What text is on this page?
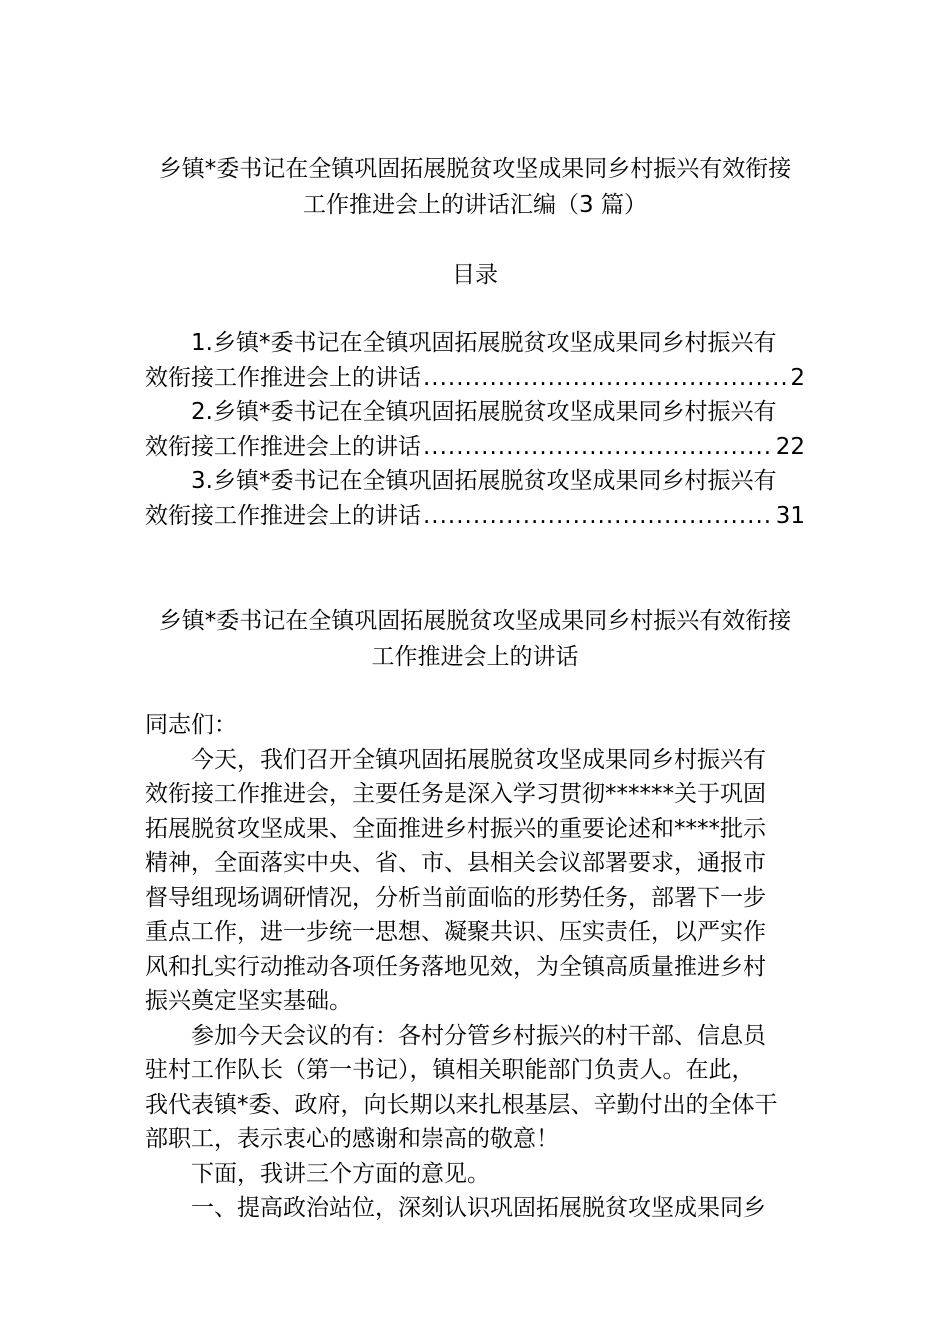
乡镇*委书记在全镇巩固拓展脱贫攻坚成果同乡村振兴有效衔接
工作推进会上的讲话汇编（3 篇）
目录
1.乡镇*委书记在全镇巩固拓展脱贫攻坚成果同乡村振兴有
效衔接工作推进会上的讲话 .....	2
2.乡镇*委书记在全镇巩固拓展脱贫攻坚成果同乡村振兴有
效衔接工作推进会上的讲话 .....	22
3.乡镇*委书记在全镇巩固拓展脱贫攻坚成果同乡村振兴有
效衔接工作推进会上的讲话 .....	31
乡镇*委书记在全镇巩固拓展脱贫攻坚成果同乡村振兴有效衔接
工作推进会上的讲话
同志们：
今天，我们召开全镇巩固拓展脱贫攻坚成果同乡村振兴有
效衔接工作推进会，主要任务是深入学习贯彻******关于巩固
拓展脱贫攻坚成果、全面推进乡村振兴的重要论述和****批示
精神，全面落实中央、省、市、县相关会议部署要求，通报市
督导组现场调研情况，分析当前面临的形势任务，部署下一步
重点工作，进一步统一思想、凝聚共识、压实责任，以严实作
风和扎实行动推动各项任务落地见效，为全镇高质量推进乡村
振兴奠定坚实基础。
参加今天会议的有：各村分管乡村振兴的村干部、信息员
驻村工作队长（第一书记），镇相关职能部门负责人。在此，
我代表镇*委、政府，向长期以来扎根基层、辛勤付出的全体干
部职工，表示衷心的感谢和崇高的敬意！
下面，我讲三个方面的意见。
一、提高政治站位，深刻认识巩固拓展脱贫攻坚成果同乡
